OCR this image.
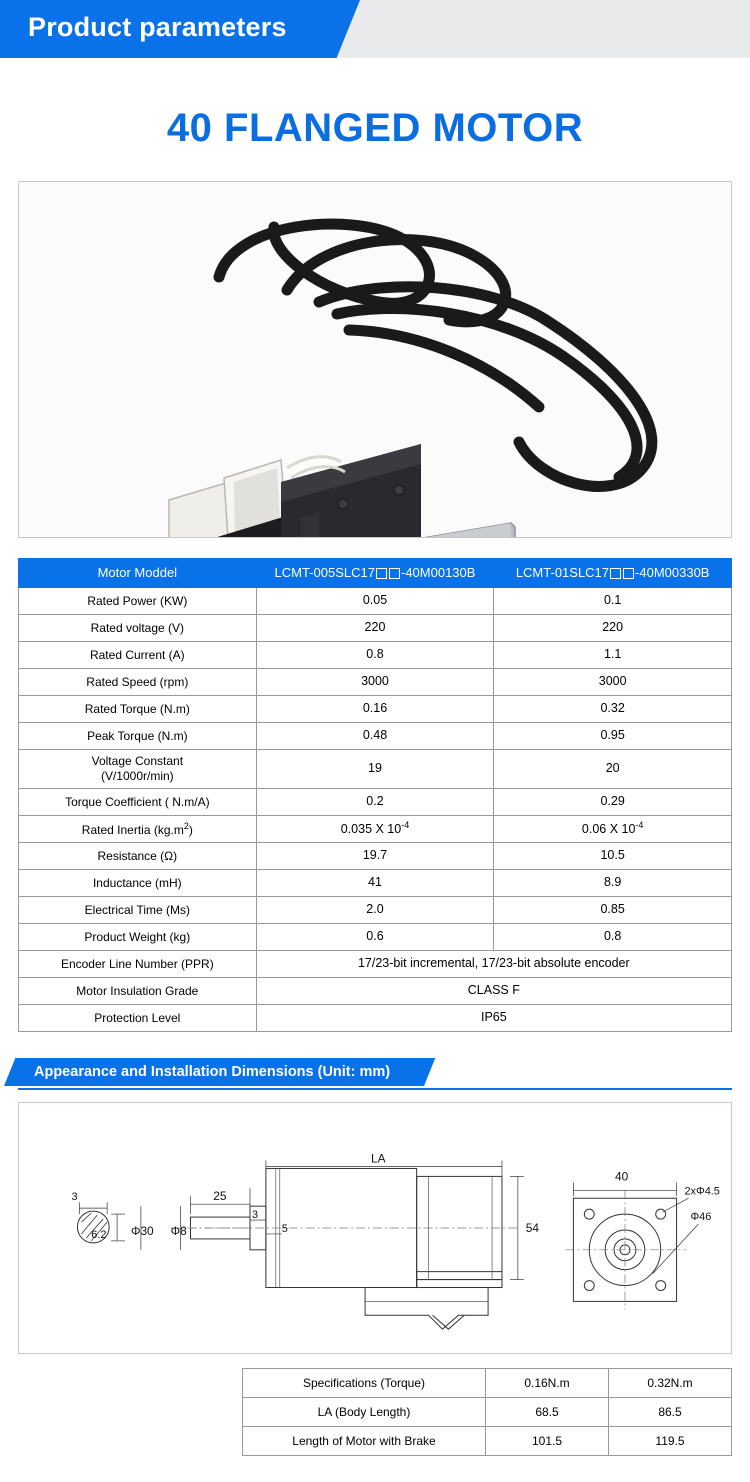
Product parameters
40 FLANGED MOTOR
Motor Moddel	LCMT-005SLC17 -40M00130B	LCMT-01SLC17 -40M00330B
Rated Power (KW)	0.05	0.1
Rated voltage (V)	220	220
Rated Current (A)	0.8	1.1
Rated Speed (rpm)	3000	3000
Rated Torque (N.m)	0.16	0.32
Peak Torque (N.m)	0.48	0.95
Voltage Constant
(V/1000r/min)	19	20
Torque Coefficient ( N.m/A)	0.2	0.29
Rated Inertia $(kg.m^2)$	0.035 X $10^{-4}$	0.06 X $10^{-4}$
Resistance (Ω)	19.7	10.5
Inductance (mH)	41	8.9
Electrical Time (Ms)	2.0	0.85
Product Weight (kg)	0.6	0.8
Encoder Line Number (PPR)	17/23-bit incremental, 17/23-bit absolute encoder	
Motor Insulation Grade	CLASS F	
Protection Level	IP65	
Appearance and Installation Dimensions (Unit: mm)
25
LA
3
5
3
6.2 Φ30 Φ8
40
54
2xΦ4.5
Φ46
Specifications (Torque)	0.16N.m	0.32N.m
LA (Body Length)	68.5	86.5
Length of Motor with Brake	101.5	119.5
